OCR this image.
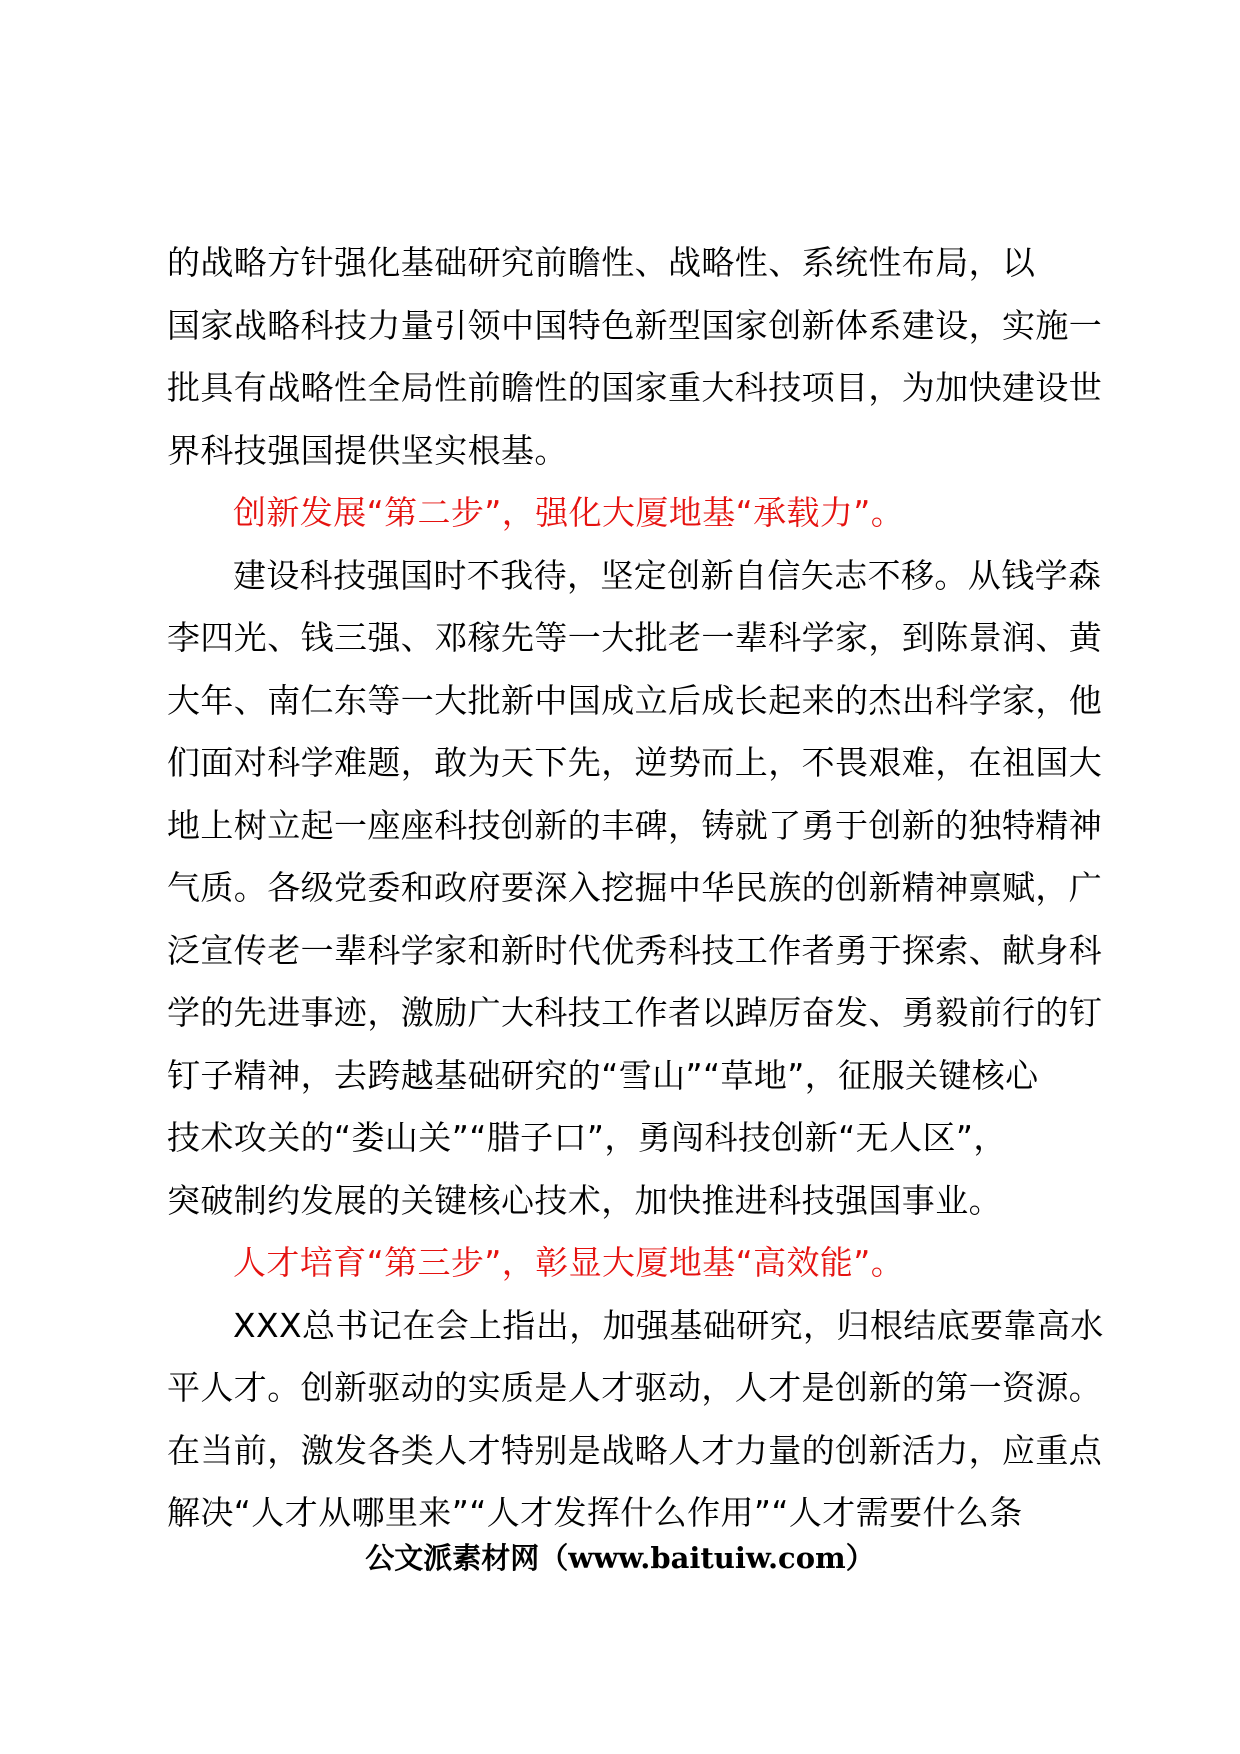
的战略方针强化基础研究前瞻性、战略性、系统性布局，以
国家战略科技力量引领中国特色新型国家创新体系建设，实施一
批具有战略性全局性前瞻性的国家重大科技项目，为加快建设世
界科技强国提供坚实根基。
创新发展“第二步”，强化大厦地基“承载力”。
建设科技强国时不我待，坚定创新自信矢志不移。从钱学森
李四光、钱三强、邓稼先等一大批老一辈科学家，到陈景润、黄
大年、南仁东等一大批新中国成立后成长起来的杰出科学家，他
们面对科学难题，敢为天下先，逆势而上，不畏艰难，在祖国大
地上树立起一座座科技创新的丰碑，铸就了勇于创新的独特精神
气质。各级党委和政府要深入挖掘中华民族的创新精神禀赋，广
泛宣传老一辈科学家和新时代优秀科技工作者勇于探索、献身科
学的先进事迹，激励广大科技工作者以踔厉奋发、勇毅前行的钉
钉子精神，去跨越基础研究的“雪山”“草地”，征服关键核心
技术攻关的“娄山关”“腊子口”，勇闯科技创新“无人区”，
突破制约发展的关键核心技术，加快推进科技强国事业。
人才培育“第三步”，彰显大厦地基“高效能”。
XXX总书记在会上指出，加强基础研究，归根结底要靠高水
平人才。创新驱动的实质是人才驱动，人才是创新的第一资源。
在当前，激发各类人才特别是战略人才力量的创新活力，应重点
解决“人才从哪里来”“人才发挥什么作用”“人才需要什么条
公文派素材网（www.baituiw.com）
